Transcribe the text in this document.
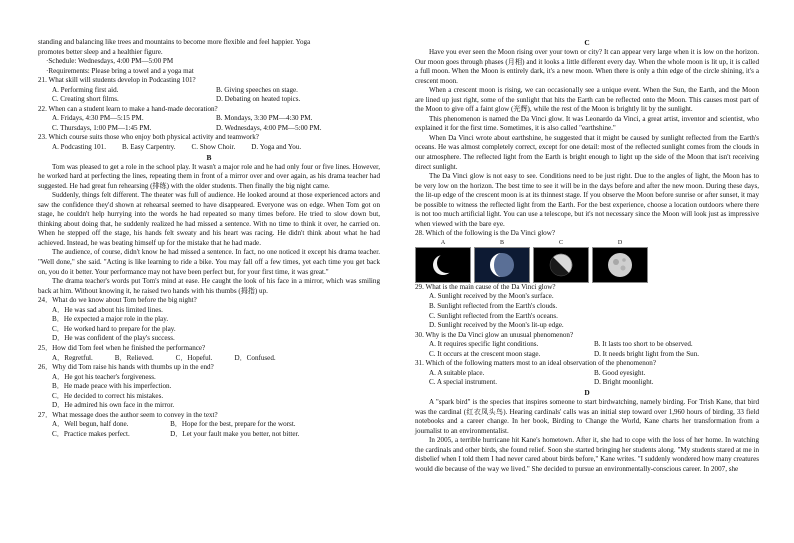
standing and balancing like trees and mountains to become more flexible and feel happier. Yoga
promotes better sleep and a healthier figure.
·Schedule: Wednesdays, 4:00 PM—5:00 PM
·Requirements: Please bring a towel and a yoga mat
21. What skill will students develop in Podcasting 101?
A. Performing first aid.	B. Giving speeches on stage.
C. Creating short films.	D. Debating on heated topics.
22. When can a student learn to make a hand-made decoration?
A. Fridays, 4:30 PM—5:15 PM.	B. Mondays, 3:30 PM—4:30 PM.
C. Thursdays, 1:00 PM—1:45 PM.	D. Wednesdays, 4:00 PM—5:00 PM.
23. Which course suits those who enjoy both physical activity and teamwork?
A. Podcasting 101. B. Easy Carpentry. C. Show Choir. D. Yoga and You.
B

Tom was pleased to get a role in the school play. It wasn't a major role and he had only four or five lines. However, he worked hard at perfecting the lines, repeating them in front of a mirror over and over again, as his drama teacher had suggested. He had great fun rehearsing (排练) with the older students. Then finally the big night came.

Suddenly, things felt different. The theater was full of audience. He looked around at those experienced actors and saw the confidence they'd shown at rehearsal seemed to have disappeared. Everyone was on edge. When Tom got on stage, he couldn't help hurrying into the words he had repeated so many times before. He tried to slow down but, thinking about doing that, he suddenly realized he had missed a sentence. With no time to think it over, he carried on. When he stepped off the stage, his hands felt sweaty and his heart was racing. He didn't think about what he had achieved. Instead, he was beating himself up for the mistake that he had made.

The audience, of course, didn't know he had missed a sentence. In fact, no one noticed it except his drama teacher. "Well done," she said. "Acting is like learning to ride a bike. You may fall off a few times, yet each time you get back on, you do it better. Your performance may not have been perfect but, for your first time, it was great."

The drama teacher's words put Tom's mind at ease. He caught the look of his face in a mirror, which was smiling back at him. Without knowing it, he raised two hands with his thumbs (拇指) up.

24．What do we know about Tom before the big night?
A．He was sad about his limited lines.
B．He expected a major role in the play.
C．He worked hard to prepare for the play.
D．He was confident of the play's success.
25．How did Tom feel when he finished the performance?
A．Regretful.	B．Relieved.	C．Hopeful.	D．Confused.
26．Why did Tom raise his hands with thumbs up in the end?
A．He got his teacher's forgiveness.
B．He made peace with his imperfection.
C．He decided to correct his mistakes.
D．He admired his own face in the mirror.
27．What message does the author seem to convey in the text?
A．Well begun, half done.	B．Hope for the best, prepare for the worst.
C．Practice makes perfect.	D．Let your fault make you better, not bitter.
C

Have you ever seen the Moon rising over your town or city? It can appear very large when it is low on the horizon. Our moon goes through phases (月相) and it looks a little different every day. When the whole moon is lit up, it is called a full moon. When the Moon is entirely dark, it's a new moon. When there is only a thin edge of the circle shining, it's a crescent moon.

When a crescent moon is rising, we can occasionally see a unique event. When the Sun, the Earth, and the Moon are lined up just right, some of the sunlight that hits the Earth can be reflected onto the Moon. This causes most part of the Moon to give off a faint glow (光辉), while the rest of the Moon is brightly lit by the sunlight.

This phenomenon is named the Da Vinci glow. It was Leonardo da Vinci, a great artist, inventor and scientist, who explained it for the first time. Sometimes, it is also called "earthshine."

When Da Vinci wrote about earthshine, he suggested that it might be caused by sunlight reflected from the Earth's oceans. He was almost completely correct, except for one detail: most of the reflected sunlight comes from the clouds in our atmosphere. The reflected light from the Earth is bright enough to light up the side of the Moon that isn't receiving direct sunlight.

The Da Vinci glow is not easy to see. Conditions need to be just right. Due to the angles of light, the Moon has to be very low on the horizon. The best time to see it will be in the days before and after the new moon. During these days, the lit-up edge of the crescent moon is at its thinnest stage. If you observe the Moon before sunrise or after sunset, it may be possible to witness the reflected light from the Earth. For the best experience, choose a location outdoors where there is not too much artificial light. You can use a telescope, but it's not necessary since the Moon will look just as impressive when viewed with the bare eye.

28. Which of the following is the Da Vinci glow?
A	B	C	D
29. What is the main cause of the Da Vinci glow?
A. Sunlight received by the Moon's surface.
B. Sunlight reflected from the Earth's clouds.
C. Sunlight reflected from the Earth's oceans.
D. Sunlight received by the Moon's lit-up edge.
30. Why is the Da Vinci glow an unusual phenomenon?
A. It requires specific light conditions.	B. It lasts too short to be observed.
C. It occurs at the crescent moon stage.	D. It needs bright light from the Sun.
31. Which of the following matters most to an ideal observation of the phenomenon?
A. A suitable place.	B. Good eyesight.
C. A special instrument.	D. Bright moonlight.
D

A "spark bird" is the species that inspires someone to start birdwatching, namely birding. For Trish Kane, that bird was the cardinal (红衣凤头鸟). Hearing cardinals' calls was an initial step toward over 1,960 hours of birding, 33 field notebooks and a career change. In her book, Birding to Change the World, Kane charts her transformation from a journalist to an environmentalist.

In 2005, a terrible hurricane hit Kane's hometown. After it, she had to cope with the loss of her home. In watching the cardinals and other birds, she found relief. Soon she started bringing her students along. "My students stared at me in disbelief when I told them I had never cared about birds before," Kane writes. "I suddenly wondered how many creatures would die because of the way we lived." She decided to pursue an environmentally-conscious career. In 2007, she
